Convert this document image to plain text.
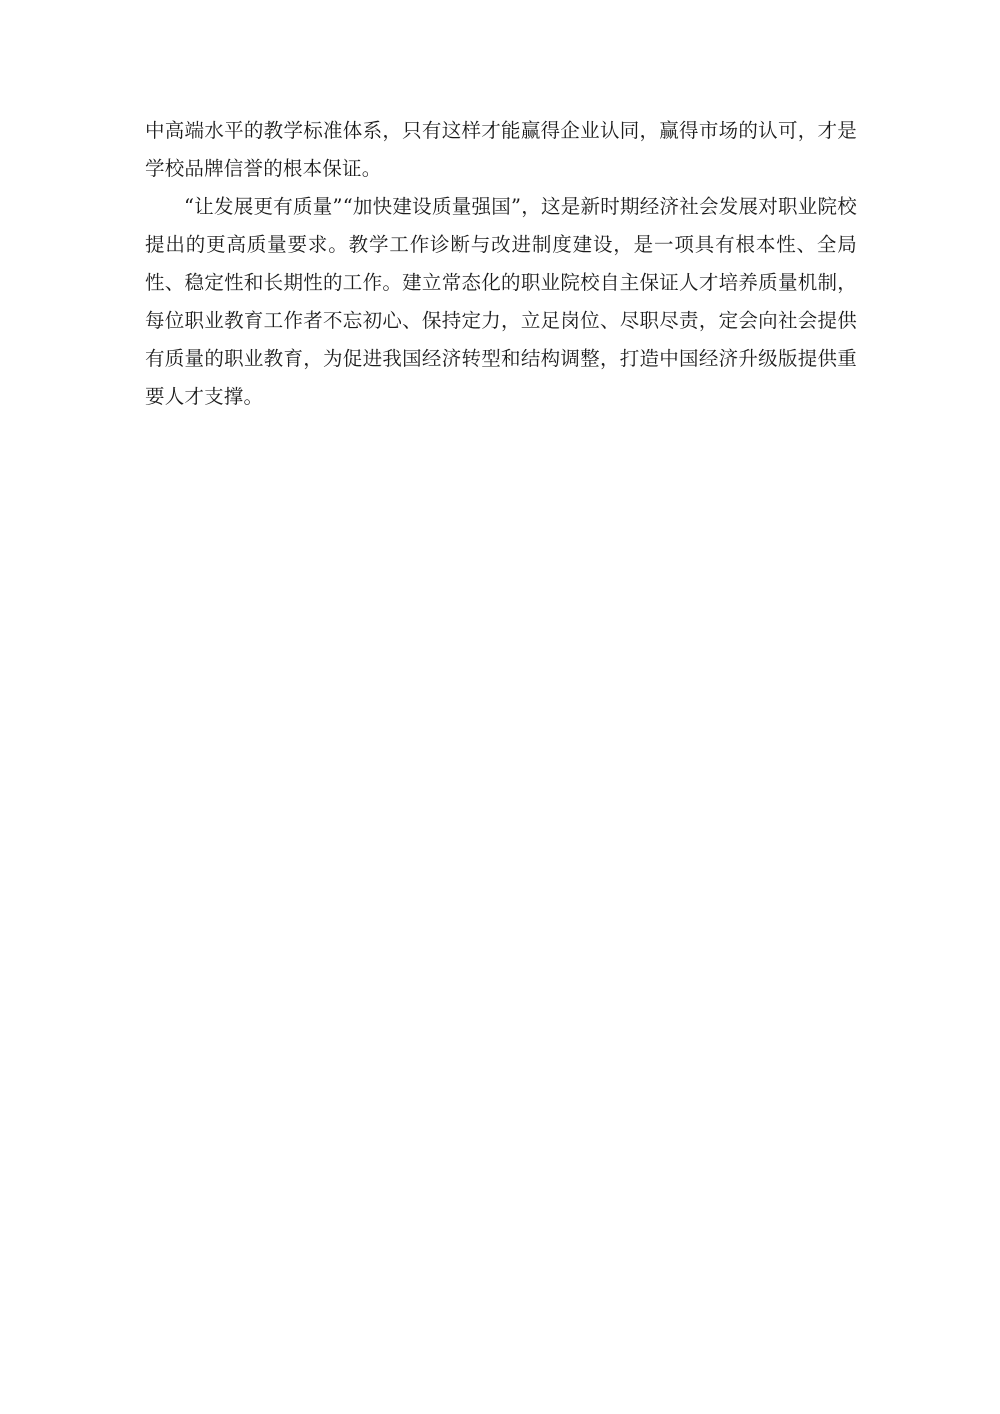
中高端水平的教学标准体系，只有这样才能赢得企业认同，赢得市场的认可，才是学校品牌信誉的根本保证。

“让发展更有质量”“加快建设质量强国”，这是新时期经济社会发展对职业院校提出的更高质量要求。教学工作诊断与改进制度建设，是一项具有根本性、全局性、稳定性和长期性的工作。建立常态化的职业院校自主保证人才培养质量机制，每位职业教育工作者不忘初心、保持定力，立足岗位、尽职尽责，定会向社会提供有质量的职业教育，为促进我国经济转型和结构调整，打造中国经济升级版提供重要人才支撑。
